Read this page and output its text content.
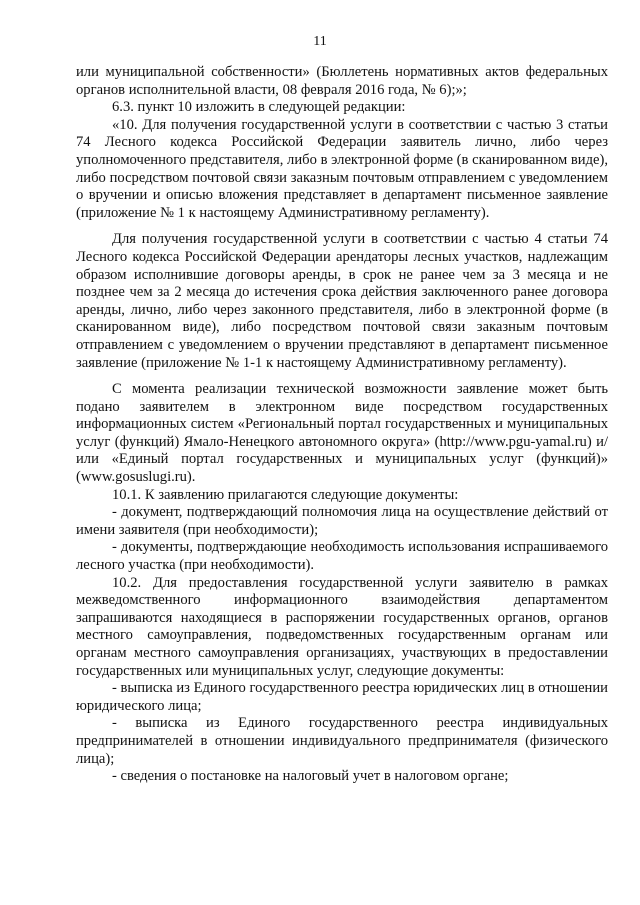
11

или муниципальной собственности» (Бюллетень нормативных актов федеральных органов исполнительной власти, 08 февраля 2016 года, № 6);»;

6.3. пункт 10 изложить в следующей редакции:

«10. Для получения государственной услуги в соответствии с частью 3 статьи 74 Лесного кодекса Российской Федерации заявитель лично, либо через уполномоченного представителя, либо в электронной форме (в сканированном виде), либо посредством почтовой связи заказным почтовым отправлением с уведомлением о вручении и описью вложения представляет в департамент письменное заявление (приложение № 1 к настоящему Административному регламенту).

Для получения государственной услуги в соответствии с частью 4 статьи 74 Лесного кодекса Российской Федерации арендаторы лесных участков, надлежащим образом исполнившие договоры аренды, в срок не ранее чем за 3 месяца и не позднее чем за 2 месяца до истечения срока действия заключенного ранее договора аренды, лично, либо через законного представителя, либо в электронной форме (в сканированном виде), либо посредством почтовой связи заказным почтовым отправлением с уведомлением о вручении представляют в департамент письменное заявление (приложение № 1-1 к настоящему Административному регламенту).

С момента реализации технической возможности заявление может быть подано заявителем в электронном виде посредством государственных информационных систем «Региональный портал государственных и муниципальных услуг (функций) Ямало-Ненецкого автономного округа» (http://www.pgu-yamal.ru) и/или «Единый портал государственных и муниципальных услуг (функций)» (www.gosuslugi.ru).

10.1. К заявлению прилагаются следующие документы:

- документ, подтверждающий полномочия лица на осуществление действий от имени заявителя (при необходимости);

- документы, подтверждающие необходимость использования испрашиваемого лесного участка (при необходимости).

10.2. Для предоставления государственной услуги заявителю в рамках межведомственного информационного взаимодействия департаментом запрашиваются находящиеся в распоряжении государственных органов, органов местного самоуправления, подведомственных государственным органам или органам местного самоуправления организациях, участвующих в предоставлении государственных или муниципальных услуг, следующие документы:

- выписка из Единого государственного реестра юридических лиц в отношении юридического лица;

- выписка из Единого государственного реестра индивидуальных предпринимателей в отношении индивидуального предпринимателя (физического лица);

- сведения о постановке на налоговый учет в налоговом органе;
